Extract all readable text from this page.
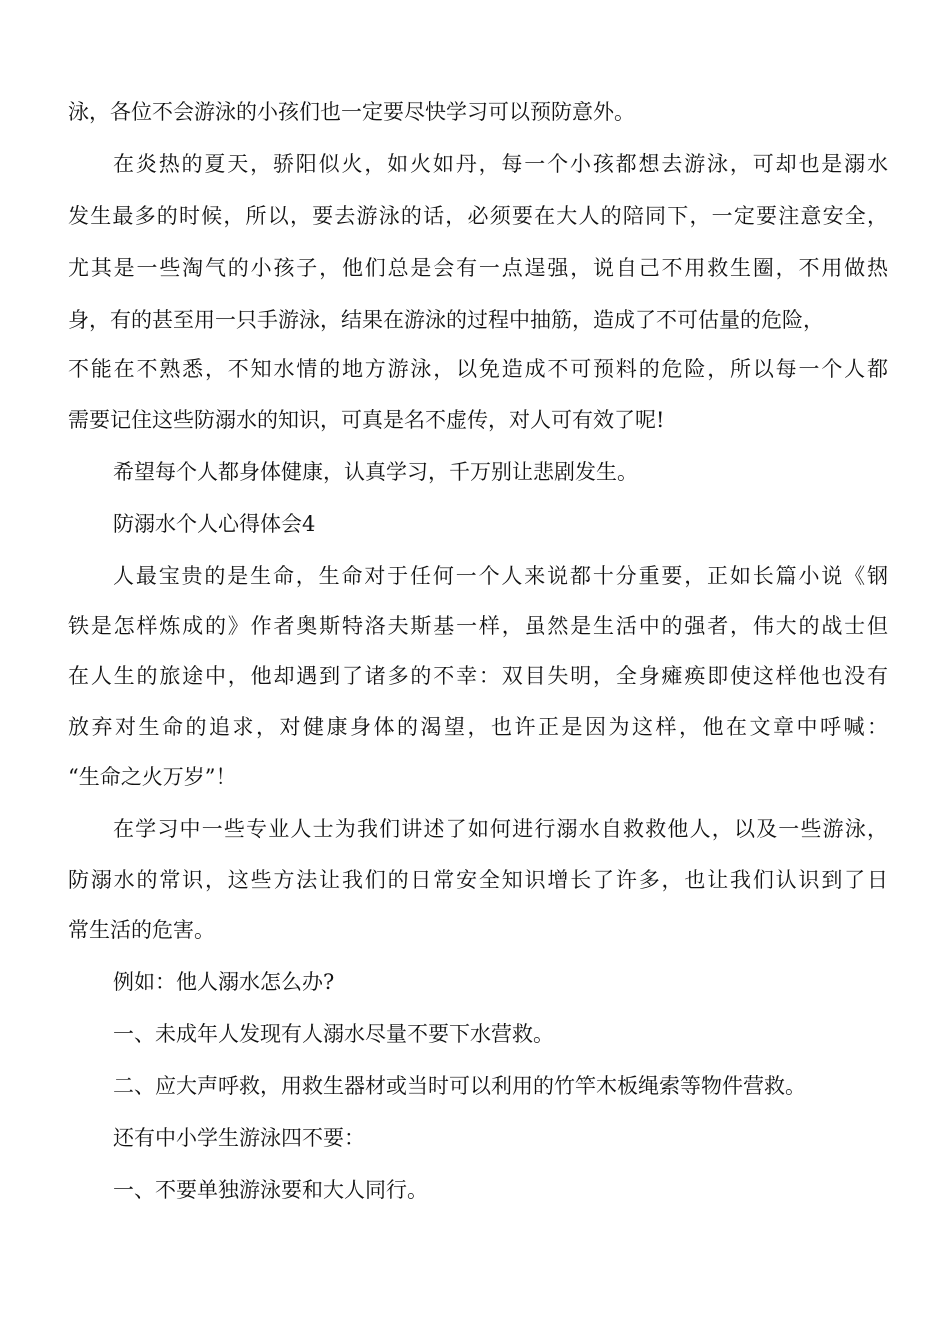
泳，各位不会游泳的小孩们也一定要尽快学习可以预防意外。
在炎热的夏天，骄阳似火，如火如丹，每一个小孩都想去游泳，可却也是溺水
发生最多的时候，所以，要去游泳的话，必须要在大人的陪同下，一定要注意安全，
尤其是一些淘气的小孩子，他们总是会有一点逞强，说自己不用救生圈，不用做热
身，有的甚至用一只手游泳，结果在游泳的过程中抽筋，造成了不可估量的危险，
不能在不熟悉，不知水情的地方游泳，以免造成不可预料的危险，所以每一个人都
需要记住这些防溺水的知识，可真是名不虚传，对人可有效了呢!
希望每个人都身体健康，认真学习，千万别让悲剧发生。
防溺水个人心得体会4
人最宝贵的是生命，生命对于任何一个人来说都十分重要，正如长篇小说《钢
铁是怎样炼成的》作者奥斯特洛夫斯基一样，虽然是生活中的强者，伟大的战士但
在人生的旅途中，他却遇到了诸多的不幸：双目失明，全身瘫痪即使这样他也没有
放弃对生命的追求，对健康身体的渴望，也许正是因为这样，他在文章中呼喊：
“生命之火万岁”！
在学习中一些专业人士为我们讲述了如何进行溺水自救救他人，以及一些游泳，
防溺水的常识，这些方法让我们的日常安全知识增长了许多，也让我们认识到了日
常生活的危害。
例如：他人溺水怎么办?
一、未成年人发现有人溺水尽量不要下水营救。
二、应大声呼救，用救生器材或当时可以利用的竹竿木板绳索等物件营救。
还有中小学生游泳四不要：
一、不要单独游泳要和大人同行。
